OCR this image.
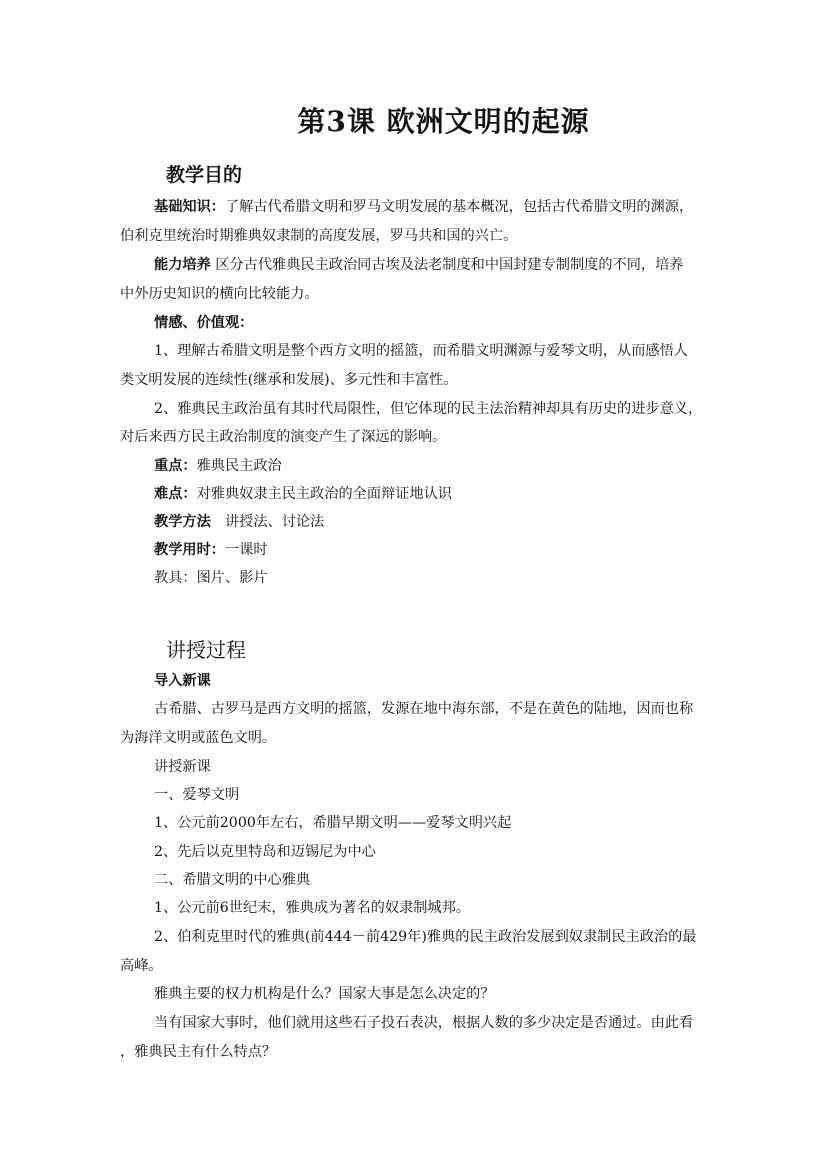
第3课 欧洲文明的起源
教学目的
基础知识：了解古代希腊文明和罗马文明发展的基本概况，包括古代希腊文明的渊源，
伯利克里统治时期雅典奴隶制的高度发展，罗马共和国的兴亡。
能力培养 区分古代雅典民主政治同古埃及法老制度和中国封建专制制度的不同，培养
中外历史知识的横向比较能力。
情感、价值观：
1、理解古希腊文明是整个西方文明的摇篮，而希腊文明渊源与爱琴文明，从而感悟人
类文明发展的连续性(继承和发展)、多元性和丰富性。
2、雅典民主政治虽有其时代局限性，但它体现的民主法治精神却具有历史的进步意义，
对后来西方民主政治制度的演变产生了深远的影响。
重点：雅典民主政治
难点：对雅典奴隶主民主政治的全面辩证地认识
教学方法　讲授法、讨论法
教学用时：一课时
教具：图片、影片
讲授过程
导入新课
古希腊、古罗马是西方文明的摇篮，发源在地中海东部，不是在黄色的陆地，因而也称
为海洋文明或蓝色文明。
讲授新课
一、爱琴文明
1、公元前2000年左右，希腊早期文明——爱琴文明兴起
2、先后以克里特岛和迈锡尼为中心
二、希腊文明的中心雅典
1、公元前6世纪末，雅典成为著名的奴隶制城邦。
2、伯利克里时代的雅典(前444－前429年)雅典的民主政治发展到奴隶制民主政治的最
高峰。
雅典主要的权力机构是什么？国家大事是怎么决定的？
当有国家大事时，他们就用这些石子投石表决，根据人数的多少决定是否通过。由此看
，雅典民主有什么特点？
